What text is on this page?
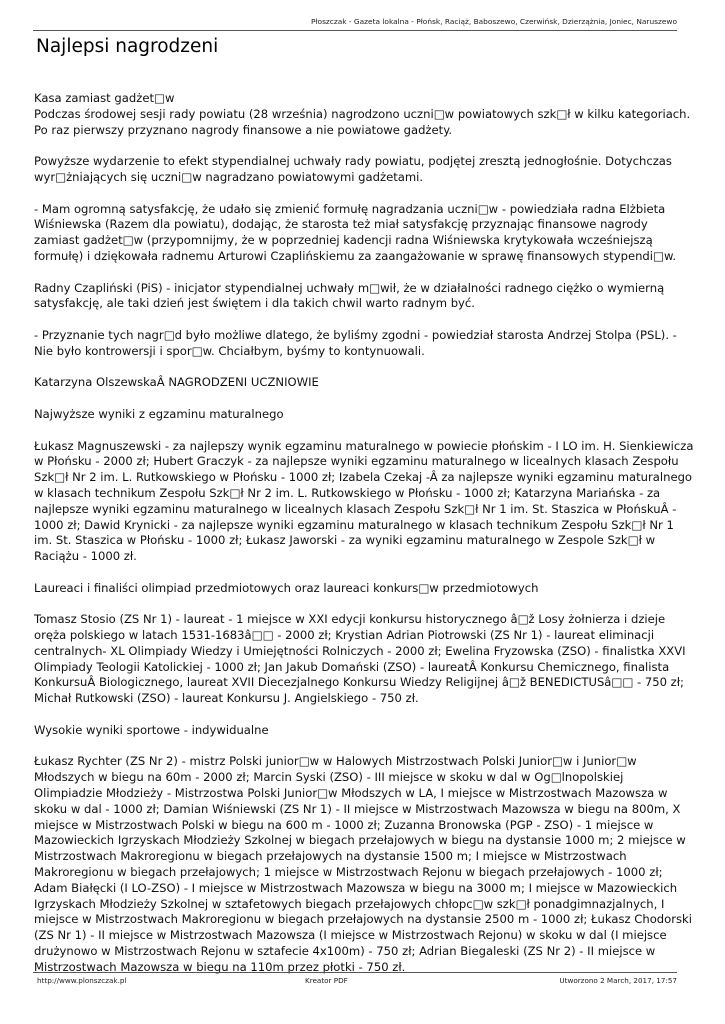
Płoszczak - Gazeta lokalna - Płońsk, Raciąż, Baboszewo, Czerwińsk, Dzierzążnia, Joniec, Naruszewo
Najlepsi nagrodzeni

Kasa zamiast gadżet□w

Podczas środowej sesji rady powiatu (28 września) nagrodzono uczni□w powiatowych szk□ł w kilku kategoriach. Po raz pierwszy przyznano nagrody finansowe a nie powiatowe gadżety.

Powyższe wydarzenie to efekt stypendialnej uchwały rady powiatu, podjętej zresztą jednogłośnie. Dotychczas wyr□żniających się uczni□w nagradzano powiatowymi gadżetami.

- Mam ogromną satysfakcję, że udało się zmienić formułę nagradzania uczni□w - powiedziała radna Elżbieta Wiśniewska (Razem dla powiatu), dodając, że starosta też miał satysfakcję przyznając finansowe nagrody zamiast gadżet□w (przypomnijmy, że w poprzedniej kadencji radna Wiśniewska krytykowała wcześniejszą formułę) i dziękowała radnemu Arturowi Czaplińskiemu za zaangażowanie w sprawę finansowych stypendi□w.

Radny Czapliński (PiS) - inicjator stypendialnej uchwały m□wił, że w działalności radnego ciężko o wymierną satysfakcję, ale taki dzień jest świętem i dla takich chwil warto radnym być.

- Przyznanie tych nagr□d było możliwe dlatego, że byliśmy zgodni - powiedział starosta Andrzej Stolpa (PSL). - Nie było kontrowersji i spor□w. Chciałbym, byśmy to kontynuowali.

Katarzyna OlszewskaÂ NAGRODZENI UCZNIOWIE

Najwyższe wyniki z egzaminu maturalnego

Łukasz Magnuszewski - za najlepszy wynik egzaminu maturalnego w powiecie płońskim - I LO im. H. Sienkiewicza w Płońsku - 2000 zł; Hubert Graczyk - za najlepsze wyniki egzaminu maturalnego w licealnych klasach Zespołu Szk□ł Nr 2 im. L. Rutkowskiego w Płońsku - 1000 zł; Izabela Czekaj -Â za najlepsze wyniki egzaminu maturalnego w klasach technikum Zespołu Szk□ł Nr 2 im. L. Rutkowskiego w Płońsku - 1000 zł; Katarzyna Mariańska - za najlepsze wyniki egzaminu maturalnego w licealnych klasach Zespołu Szk□ł Nr 1 im. St. Staszica w PłońskuÂ - 1000 zł; Dawid Krynicki - za najlepsze wyniki egzaminu maturalnego w klasach technikum Zespołu Szk□ł Nr 1 im. St. Staszica w Płońsku - 1000 zł; Łukasz Jaworski - za wyniki egzaminu maturalnego w Zespole Szk□ł w Raciążu - 1000 zł.

Laureaci i finaliści olimpiad przedmiotowych oraz laureaci konkurs□w przedmiotowych

Tomasz Stosio (ZS Nr 1) - laureat - 1 miejsce w XXI edycji konkursu historycznego â□ž Losy żołnierza i dzieje oręża polskiego w latach 1531-1683â□□ - 2000 zł; Krystian Adrian Piotrowski (ZS Nr 1) - laureat eliminacji centralnych- XL Olimpiady Wiedzy i Umiejętności Rolniczych - 2000 zł; Ewelina Fryzowska (ZSO) - finalistka XXVI Olimpiady Teologii Katolickiej - 1000 zł; Jan Jakub Domański (ZSO) - laureatÂ Konkursu Chemicznego, finalista KonkursuÂ Biologicznego, laureat XVII Diecezjalnego Konkursu Wiedzy Religijnej â□ž BENEDICTUSâ□□ - 750 zł; Michał Rutkowski (ZSO) - laureat Konkursu J. Angielskiego - 750 zł.

Wysokie wyniki sportowe - indywidualne

Łukasz Rychter (ZS Nr 2) - mistrz Polski junior□w w Halowych Mistrzostwach Polski Junior□w i Junior□w Młodszych w biegu na 60m - 2000 zł; Marcin Syski (ZSO) - III miejsce w skoku w dal w Og□lnopolskiej Olimpiadzie Młodzieży - Mistrzostwa Polski Junior□w Młodszych w LA, I miejsce w Mistrzostwach Mazowsza w skoku w dal - 1000 zł; Damian Wiśniewski (ZS Nr 1) - II miejsce w Mistrzostwach Mazowsza w biegu na 800m, X miejsce w Mistrzostwach Polski w biegu na 600 m - 1000 zł; Zuzanna Bronowska (PGP - ZSO) - 1 miejsce w Mazowieckich Igrzyskach Młodzieży Szkolnej w biegach przełajowych w biegu na dystansie 1000 m; 2 miejsce w Mistrzostwach Makroregionu w biegach przełajowych na dystansie 1500 m; I miejsce w Mistrzostwach Makroregionu w biegach przełajowych; 1 miejsce w Mistrzostwach Rejonu w biegach przełajowych - 1000 zł; Adam Białęcki (I LO-ZSO) - I miejsce w Mistrzostwach Mazowsza w biegu na 3000 m; I miejsce w Mazowieckich Igrzyskach Młodzieży Szkolnej w sztafetowych biegach przełajowych chłopc□w szk□ł ponadgimnazjalnych, I miejsce w Mistrzostwach Makroregionu w biegach przełajowych na dystansie 2500 m - 1000 zł; Łukasz Chodorski (ZS Nr 1) - II miejsce w Mistrzostwach Mazowsza (I miejsce w Mistrzostwach Rejonu) w skoku w dal (I miejsce drużynowo w Mistrzostwach Rejonu w sztafecie 4x100m) - 750 zł; Adrian Biegaleski (ZS Nr 2) - II miejsce w Mistrzostwach Mazowsza w biegu na 110m przez płotki - 750 zł.

http://www.plonszczak.pl	Kreator PDF	Utworzono 2 March, 2017, 17:57
